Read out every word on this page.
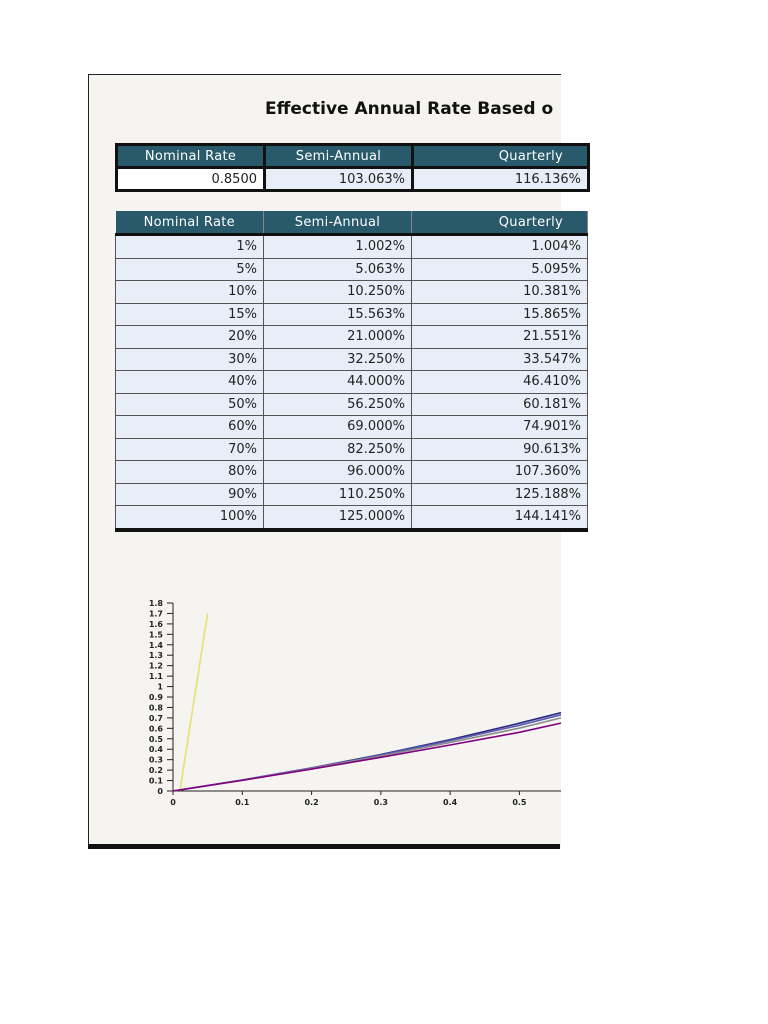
Effective Annual Rate Based o
Nominal Rate	Semi-Annual	Quarterly
0.8500	103.063%	116.136%
Nominal Rate	Semi-Annual	Quarterly
1%	1.002%	1.004%
5%	5.063%	5.095%
10%	10.250%	10.381%
15%	15.563%	15.865%
20%	21.000%	21.551%
30%	32.250%	33.547%
40%	44.000%	46.410%
50%	56.250%	60.181%
60%	69.000%	74.901%
70%	82.250%	90.613%
80%	96.000%	107.360%
90%	110.250%	125.188%
100%	125.000%	144.141%
0
0.1
0.2
0.3
0.4
0.5
0.6
0.7
0.8
0.9
1
1.1
1.2
1.3
1.4
1.5
1.6
1.7
1.8
0	0.1	0.2	0.3	0.4	0.5
